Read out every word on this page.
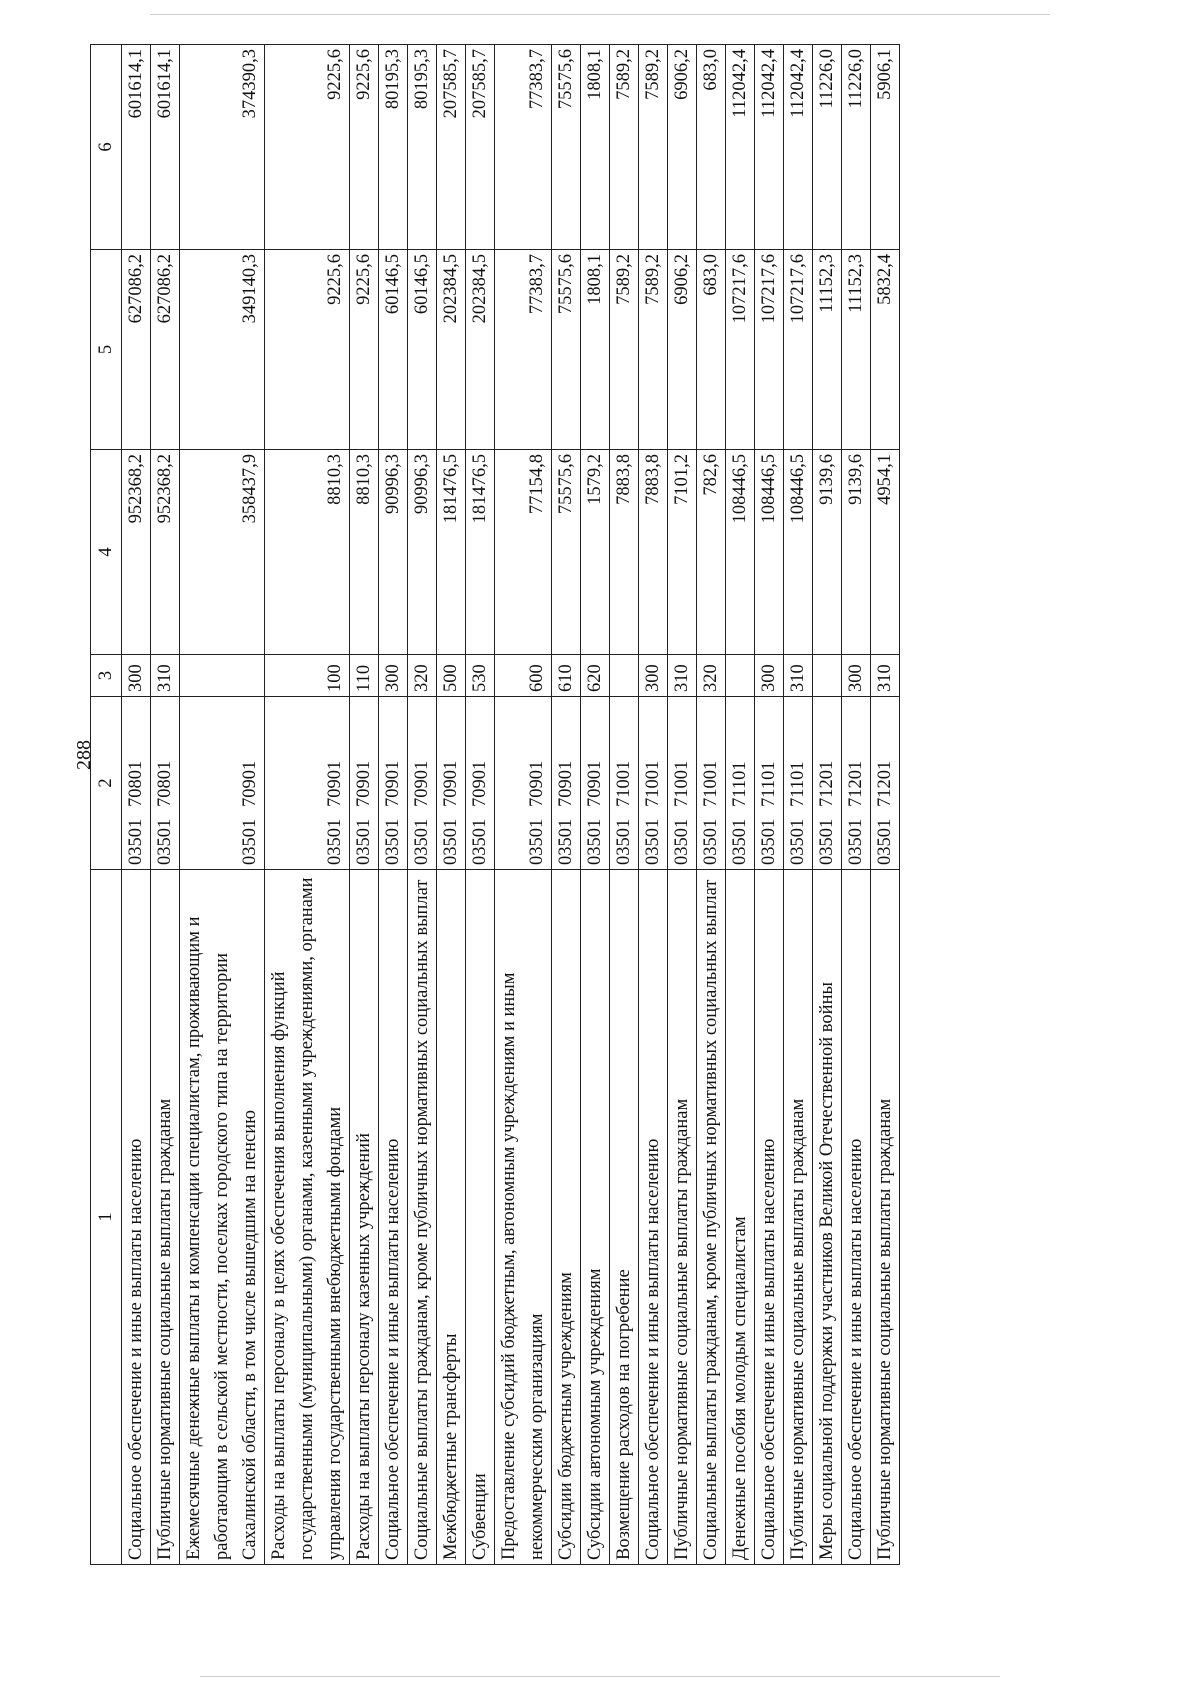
288
1	2	3	4	5	6
Социальное обеспечение и иные выплаты населению	0350170801	300	952368,2	627086,2	601614,1
Публичные нормативные социальные выплаты гражданам	0350170801	310	952368,2	627086,2	601614,1
Ежемесячные денежные выплаты и компенсации специалистам, проживающим и работающим в сельской местности, поселках городского типа на территории Сахалинской области, в том числе вышедшим на пенсию	0350170901		358437,9	349140,3	374390,3
Расходы на выплаты персоналу в целях обеспечения выполнения функций государственными (муниципальными) органами, казенными учреждениями, органами управления государственными внебюджетными фондами	0350170901	100	8810,3	9225,6	9225,6
Расходы на выплаты персоналу казенных учреждений	0350170901	110	8810,3	9225,6	9225,6
Социальное обеспечение и иные выплаты населению	0350170901	300	90996,3	60146,5	80195,3
Социальные выплаты гражданам, кроме публичных нормативных социальных выплат	0350170901	320	90996,3	60146,5	80195,3
Межбюджетные трансферты	0350170901	500	181476,5	202384,5	207585,7
Субвенции	0350170901	530	181476,5	202384,5	207585,7
Предоставление субсидий бюджетным, автономным учреждениям и иным некоммерческим организациям	0350170901	600	77154,8	77383,7	77383,7
Субсидии бюджетным учреждениям	0350170901	610	75575,6	75575,6	75575,6
Субсидии автономным учреждениям	0350170901	620	1579,2	1808,1	1808,1
Возмещение расходов на погребение	0350171001		7883,8	7589,2	7589,2
Социальное обеспечение и иные выплаты населению	0350171001	300	7883,8	7589,2	7589,2
Публичные нормативные социальные выплаты гражданам	0350171001	310	7101,2	6906,2	6906,2
Социальные выплаты гражданам, кроме публичных нормативных социальных выплат	0350171001	320	782,6	683,0	683,0
Денежные пособия молодым специалистам	0350171101		108446,5	107217,6	112042,4
Социальное обеспечение и иные выплаты населению	0350171101	300	108446,5	107217,6	112042,4
Публичные нормативные социальные выплаты гражданам	0350171101	310	108446,5	107217,6	112042,4
Меры социальной поддержки участников Великой Отечественной войны	0350171201		9139,6	11152,3	11226,0
Социальное обеспечение и иные выплаты населению	0350171201	300	9139,6	11152,3	11226,0
Публичные нормативные социальные выплаты гражданам	0350171201	310	4954,1	5832,4	5906,1
